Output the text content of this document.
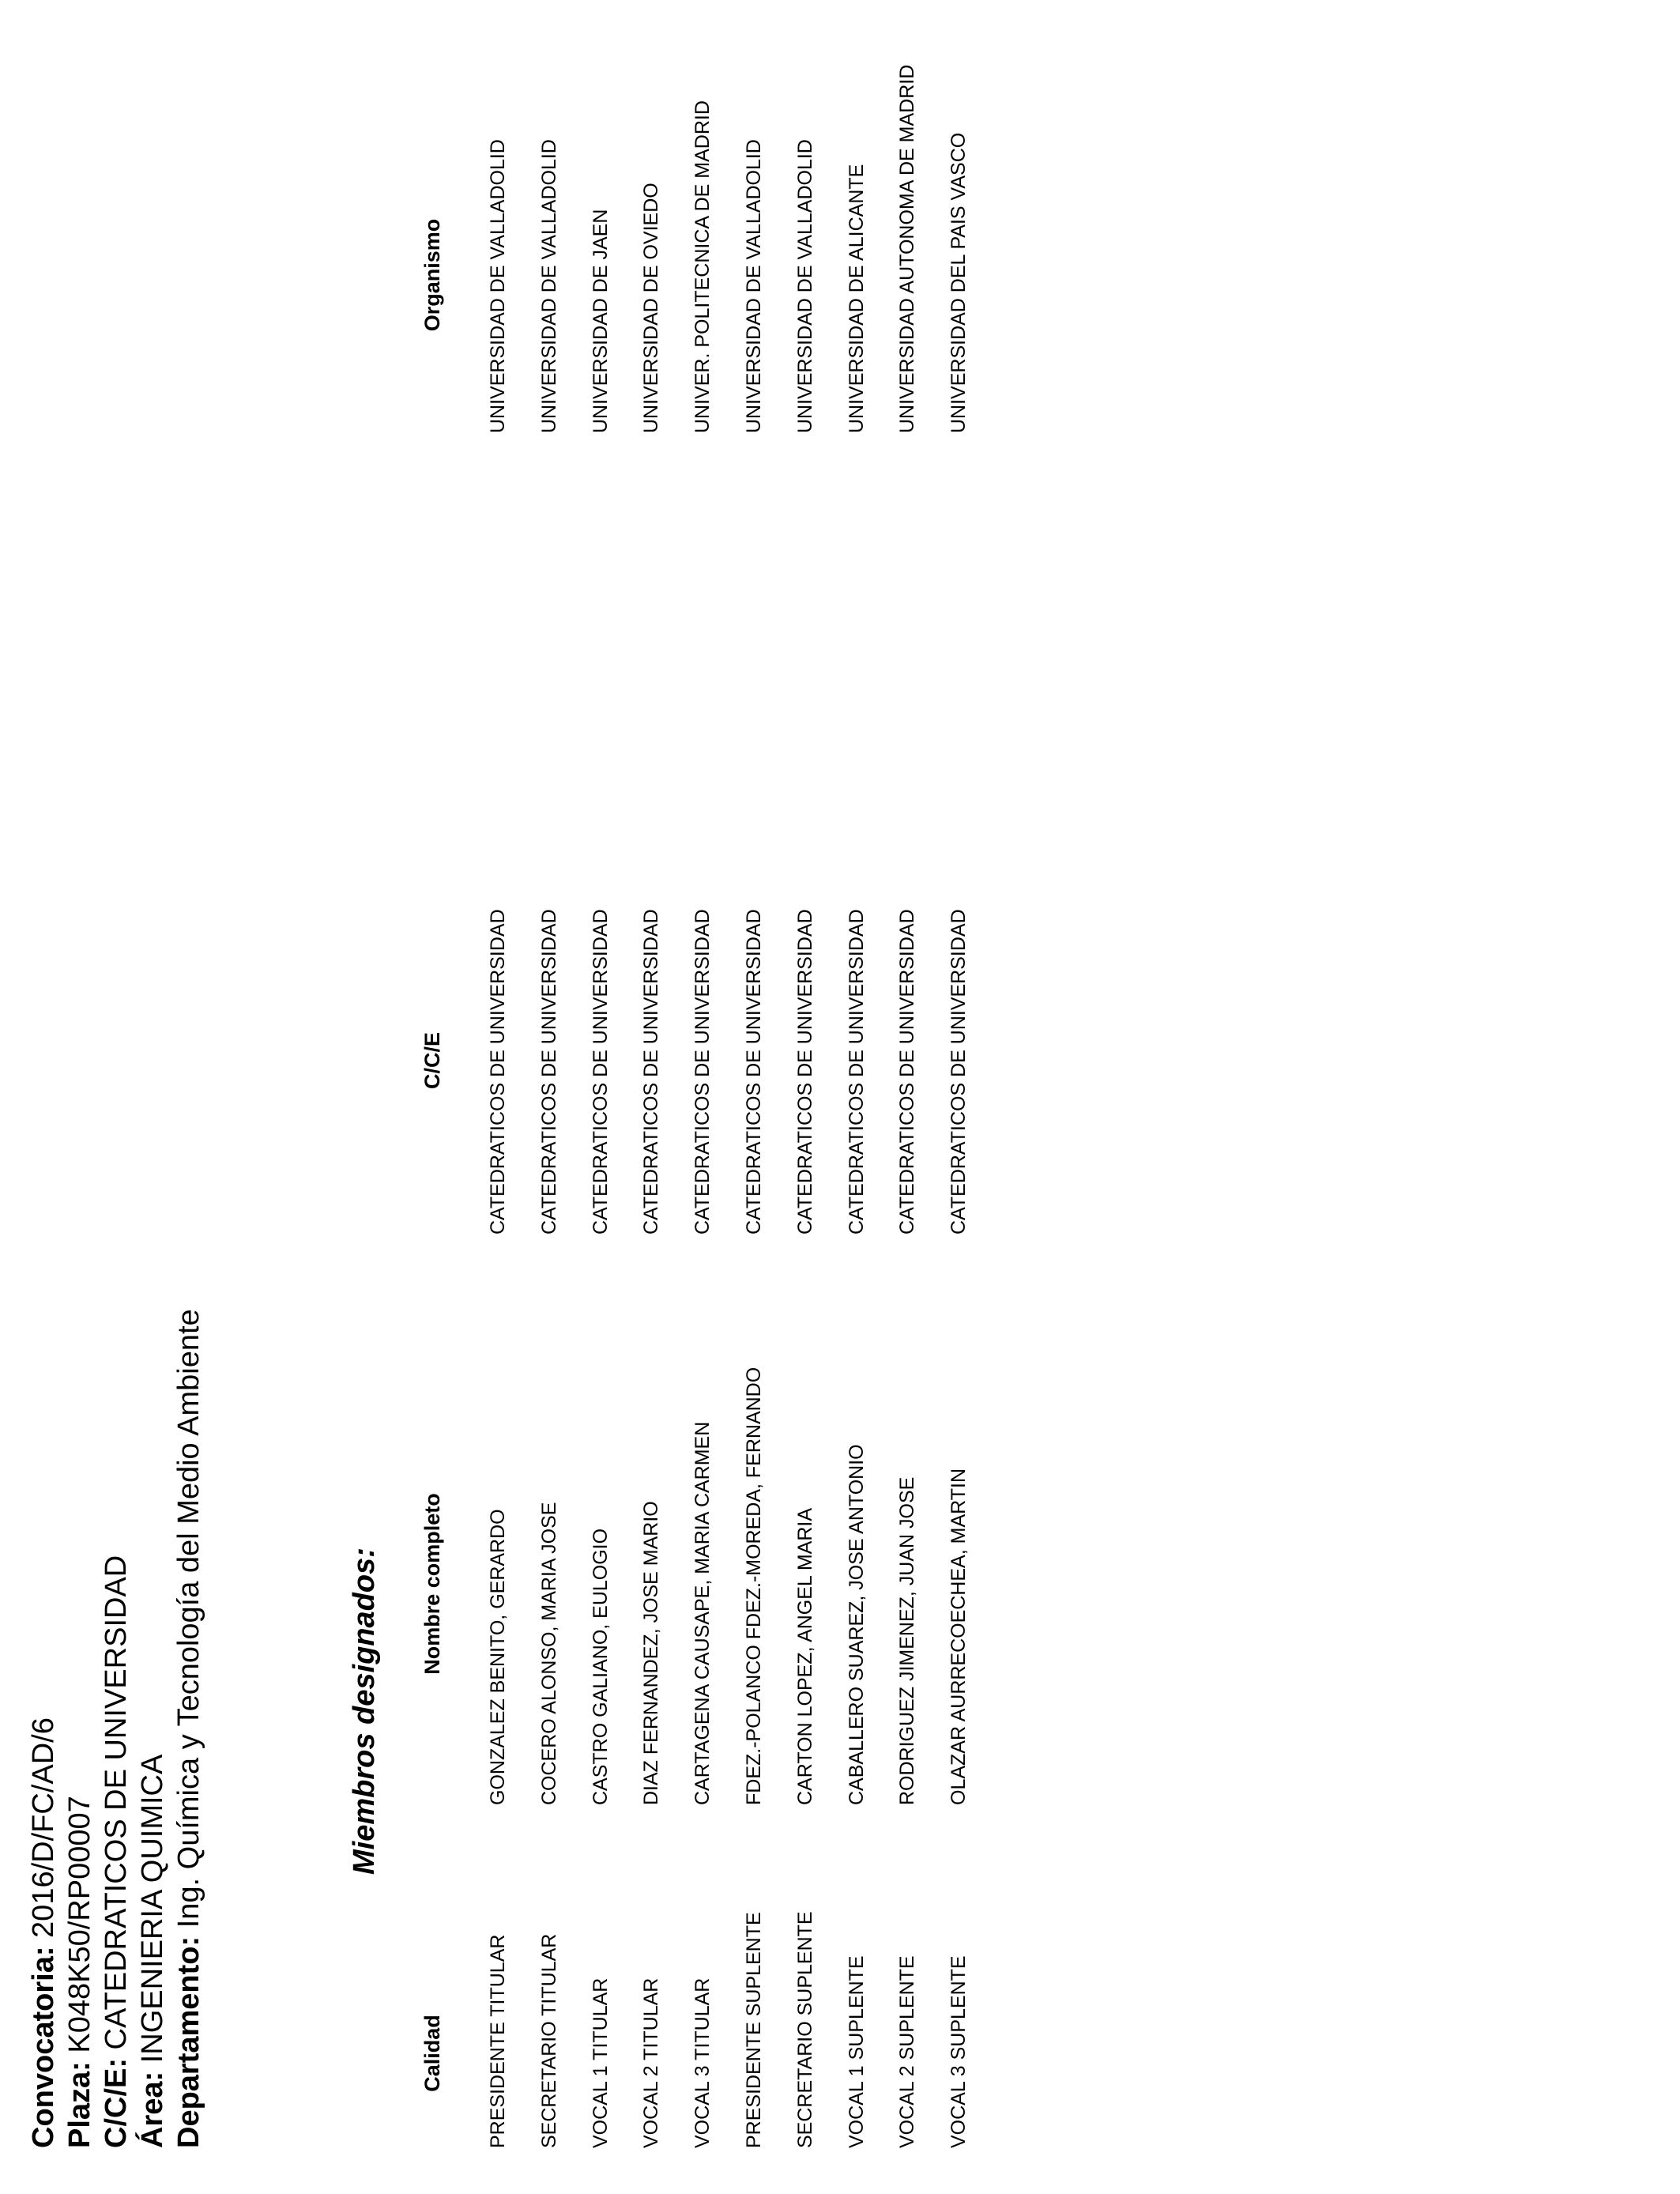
Convocatoria: 2016/D/FC/AD/6
Plaza: K048K50/RP00007
C/C/E: CATEDRATICOS DE UNIVERSIDAD
Área: INGENIERIA QUIMICA Departamento: Ing. Química y Tecnología del Medio Ambiente	Miembros designados:
Calidad
Nombre completo
C/C/E
Organismo
PRESIDENTE TITULAR
GONZALEZ BENITO, GERARDO
CATEDRATICOS DE UNIVERSIDAD
UNIVERSIDAD DE VALLADOLID
SECRETARIO TITULAR
COCERO ALONSO, MARIA JOSE
CATEDRATICOS DE UNIVERSIDAD
UNIVERSIDAD DE VALLADOLID
VOCAL 1 TITULAR
CASTRO GALIANO, EULOGIO
CATEDRATICOS DE UNIVERSIDAD
UNIVERSIDAD DE JAEN
VOCAL 2 TITULAR
DIAZ FERNANDEZ, JOSE MARIO
CATEDRATICOS DE UNIVERSIDAD
UNIVERSIDAD DE OVIEDO
VOCAL 3 TITULAR
CARTAGENA CAUSAPE, MARIA CARMEN
CATEDRATICOS DE UNIVERSIDAD
UNIVER. POLITECNICA DE MADRID
PRESIDENTE SUPLENTE
FDEZ.-POLANCO FDEZ.-MOREDA, FERNANDO
CATEDRATICOS DE UNIVERSIDAD
UNIVERSIDAD DE VALLADOLID
SECRETARIO SUPLENTE
CARTON LOPEZ, ANGEL MARIA
CATEDRATICOS DE UNIVERSIDAD
UNIVERSIDAD DE VALLADOLID
VOCAL 1 SUPLENTE
CABALLERO SUAREZ, JOSE ANTONIO
CATEDRATICOS DE UNIVERSIDAD
UNIVERSIDAD DE ALICANTE
VOCAL 2 SUPLENTE
RODRIGUEZ JIMENEZ, JUAN JOSE
CATEDRATICOS DE UNIVERSIDAD
UNIVERSIDAD AUTONOMA DE MADRID
VOCAL 3 SUPLENTE
OLAZAR AURRECOECHEA, MARTIN
CATEDRATICOS DE UNIVERSIDAD
UNIVERSIDAD DEL PAIS VASCO
